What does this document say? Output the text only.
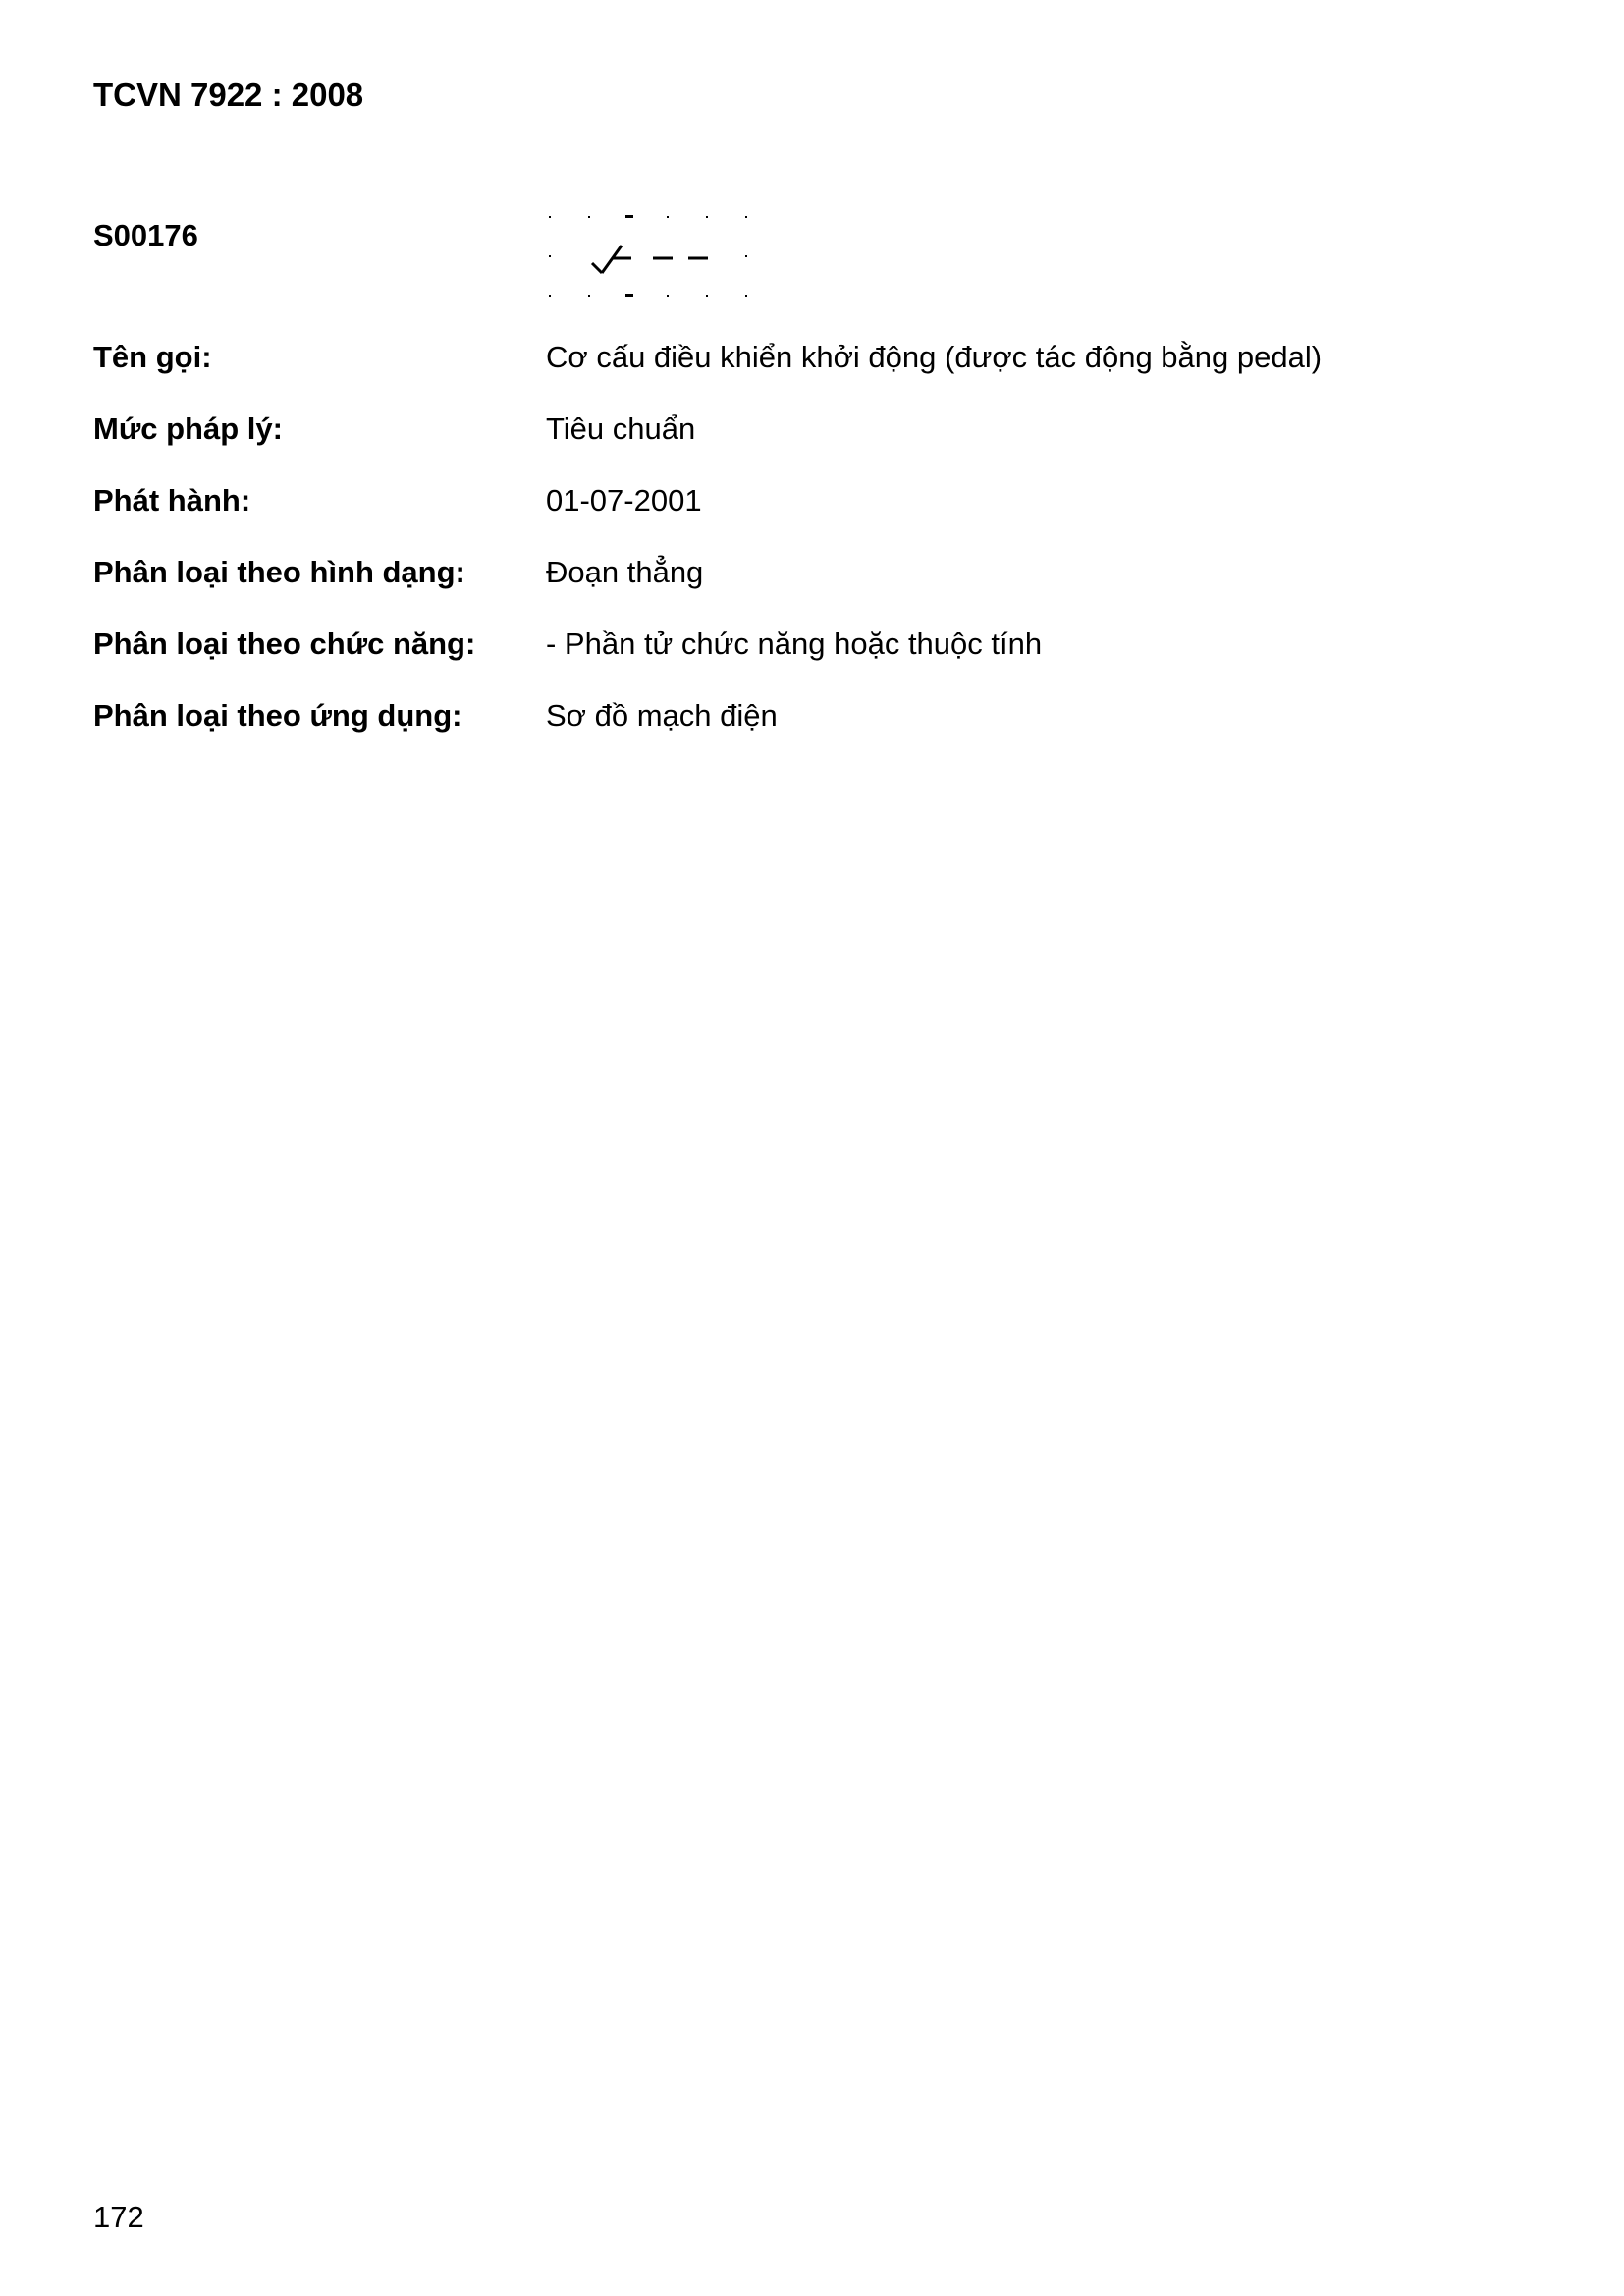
TCVN 7922 : 2008
S00176
Tên gọi:	Cơ cấu điều khiển khởi động (được tác động bằng pedal)
Mức pháp lý:	Tiêu chuẩn
Phát hành:	01-07-2001
Phân loại theo hình dạng:	Đoạn thẳng
Phân loại theo chức năng:	- Phần tử chức năng hoặc thuộc tính
Phân loại theo ứng dụng:	Sơ đồ mạch điện
172
